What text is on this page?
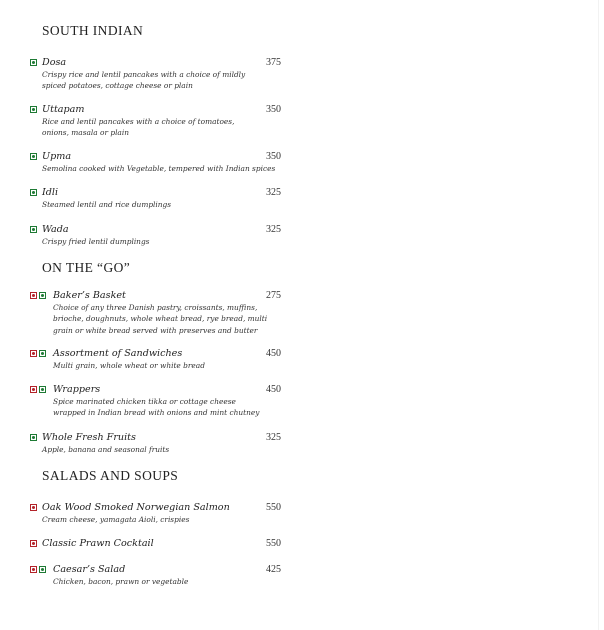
SOUTH INDIAN
Dosa
Crispy rice and lentil pancakes with a choice of mildly spiced potatoes, cottage cheese or plain
375
Uttapam
Rice and lentil pancakes with a choice of tomatoes, onions, masala or plain
350
Upma
Semolina cooked with Vegetable, tempered with Indian spices
350
Idli
Steamed lentil and rice dumplings
325
Wada
Crispy fried lentil dumplings
325
ON THE “GO”
Baker’s Basket
Choice of any three Danish pastry, croissants, muffins, brioche, doughnuts, whole wheat bread, rye bread, multi grain or white bread served with preserves and butter
275
Assortment of Sandwiches
Multi grain, whole wheat or white bread
450
Wrappers
Spice marinated chicken tikka or cottage cheese wrapped in Indian bread with onions and mint chutney
450
Whole Fresh Fruits
Apple, banana and seasonal fruits
325
SALADS AND SOUPS
Oak Wood Smoked Norwegian Salmon
Cream cheese, yamagata Aioli, crispies
550
Classic Prawn Cocktail	550
Caesar’s Salad
Chicken, bacon, prawn or vegetable
425
